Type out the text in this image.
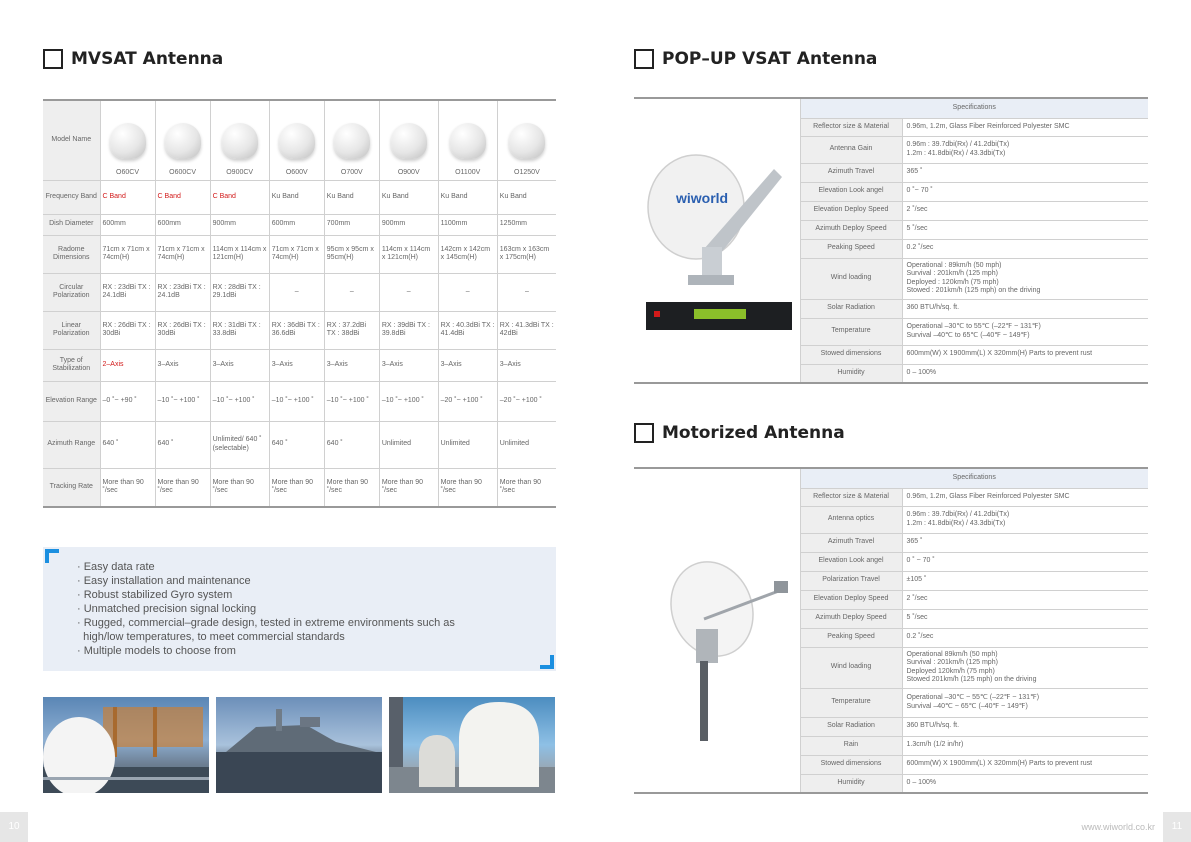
MVSAT Antenna
Model Name	O60CV	O600CV	O900CV	O600V	O700V	O900V	O1100V	O1250V

Frequency Band	C Band	C Band	C Band	Ku Band	Ku Band	Ku Band	Ku Band	Ku Band
Dish Diameter	600mm	600mm	900mm	600mm	700mm	900mm	1100mm	1250mm
Radome Dimensions	71cm x 71cm x 74cm(H)	71cm x 71cm x 74cm(H)	114cm x 114cm x 121cm(H)	71cm x 71cm x 74cm(H)	95cm x 95cm x 95cm(H)	114cm x 114cm x 121cm(H)	142cm x 142cm x 145cm(H)	163cm x 163cm x 175cm(H)
Circular Polarization	RX : 23dBi TX : 24.1dBi	RX : 23dBi TX : 24.1dB	RX : 28dBi TX : 29.1dBi	–	–	–	–	–
Linear Polarization	RX : 26dBi TX : 30dBi	RX : 26dBi TX : 30dBi	RX : 31dBi TX : 33.8dBi	RX : 36dBi TX : 36.6dBi	RX : 37.2dBi TX : 38dBi	RX : 39dBi TX : 39.8dBi	RX : 40.3dBi TX : 41.4dBi	RX : 41.3dBi TX : 42dBi
Type of Stabilization	2–Axis	3–Axis	3–Axis	3–Axis	3–Axis	3–Axis	3–Axis	3–Axis
Elevation Range	–0 ˚~ +90 ˚	–10 ˚~ +100 ˚	–10 ˚~ +100 ˚	–10 ˚~ +100 ˚	–10 ˚~ +100 ˚	–10 ˚~ +100 ˚	–20 ˚~ +100 ˚	–20 ˚~ +100 ˚
Azimuth Range	640 ˚	640 ˚	Unlimited/ 640 ˚ (selectable)	640 ˚	640 ˚	Unlimited	Unlimited	Unlimited
Tracking Rate	More than 90 ˚/sec	More than 90 ˚/sec	More than 90 ˚/sec	More than 90 ˚/sec	More than 90 ˚/sec	More than 90 ˚/sec	More than 90 ˚/sec	More than 90 ˚/sec
· Easy data rate
· Easy installation and maintenance
· Robust stabilized Gyro system
· Unmatched precision signal locking
· Rugged, commercial–grade design, tested in extreme environments such as
high/low temperatures, to meet commercial standards
· Multiple models to choose from
10
POP–UP VSAT Antenna
wiworld	Specifications	
	Reflector size & Material	0.96m, 1.2m, Glass Fiber Reinforced Polyester SMC
	Antenna Gain	0.96m : 39.7dbi(Rx) / 41.2dbi(Tx)
1.2m : 41.8dbi(Rx) / 43.3dbi(Tx)
	Azimuth Travel	365 ˚
	Elevation Look angel	0 ˚~ 70 ˚
	Elevation Deploy Speed	2 ˚/sec
	Azimuth Deploy Speed	5 ˚/sec
	Peaking Speed	0.2 ˚/sec
	Wind loading	Operational : 89km/h (50 mph)
Survival : 201km/h (125 mph)
Deployed : 120km/h (75 mph)
Stowed : 201km/h (125 mph) on the driving
	Solar Radiation	360 BTU/h/sq. ft.
	Temperature	Operational –30℃ to 55℃ (–22℉ ~ 131℉)
Survival –40℃ to 65℃ (–40℉ ~ 149℉)
	Stowed dimensions	600mm(W) X 1900mm(L) X 320mm(H) Parts to prevent rust
	Humidity	0 – 100%
Motorized Antenna
	Specifications	
	Reflector size & Material	0.96m, 1.2m, Glass Fiber Reinforced Polyester SMC
	Antenna optics	0.96m : 39.7dbi(Rx) / 41.2dbi(Tx)
1.2m : 41.8dbi(Rx) / 43.3dbi(Tx)
	Azimuth Travel	365 ˚
	Elevation Look angel	0 ˚ ~ 70 ˚
	Polarization Travel	±105 ˚
	Elevation Deploy Speed	2 ˚/sec
	Azimuth Deploy Speed	5 ˚/sec
	Peaking Speed	0.2 ˚/sec
	Wind loading	Operational 89km/h (50 mph)
Survival : 201km/h (125 mph)
Deployed 120km/h (75 mph)
Stowed 201km/h (125 mph) on the driving
	Temperature	Operational –30℃ ~ 55℃ (–22℉ ~ 131℉)
Survival –40℃ ~ 65℃ (–40℉ ~ 149℉)
	Solar Radiation	360 BTU/h/sq. ft.
	Rain	1.3cm/h (1/2 in/hr)
	Stowed dimensions	600mm(W) X 1900mm(L) X 320mm(H) Parts to prevent rust
	Humidity	0 – 100%
www.wiworld.co.kr	11
